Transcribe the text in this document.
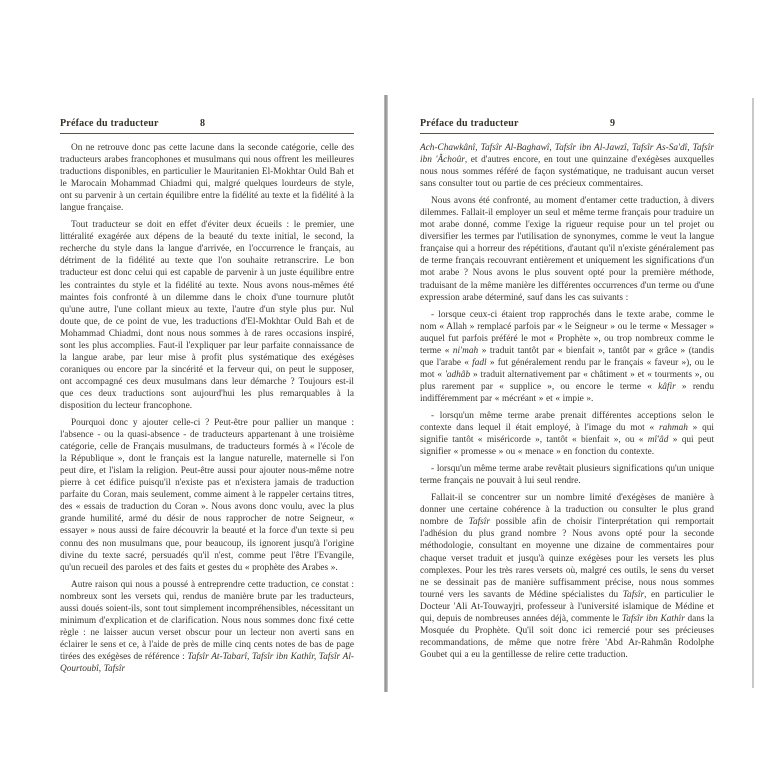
Préface du traducteur	8

On ne retrouve donc pas cette lacune dans la seconde catégorie, celle des traducteurs arabes francophones et musulmans qui nous offrent les meilleures traductions disponibles, en particulier le Mauritanien El-Mokhtar Ould Bah et le Marocain Mohammad Chiadmi qui, malgré quelques lourdeurs de style, ont su parvenir à un certain équilibre entre la fidélité au texte et la fidélité à la langue française.

Tout traducteur se doit en effet d'éviter deux écueils : le premier, une littéralité exagérée aux dépens de la beauté du texte initial, le second, la recherche du style dans la langue d'arrivée, en l'occurrence le français, au détriment de la fidélité au texte que l'on souhaite retranscrire. Le bon traducteur est donc celui qui est capable de parvenir à un juste équilibre entre les contraintes du style et la fidélité au texte. Nous avons nous-mêmes été maintes fois confronté à un dilemme dans le choix d'une tournure plutôt qu'une autre, l'une collant mieux au texte, l'autre d'un style plus pur. Nul doute que, de ce point de vue, les traductions d'El-Mokhtar Ould Bah et de Mohammad Chiadmi, dont nous nous sommes à de rares occasions inspiré, sont les plus accomplies. Faut-il l'expliquer par leur parfaite connaissance de la langue arabe, par leur mise à profit plus systématique des exégèses coraniques ou encore par la sincérité et la ferveur qui, on peut le supposer, ont accompagné ces deux musulmans dans leur démarche ? Toujours est-il que ces deux traductions sont aujourd'hui les plus remarquables à la disposition du lecteur francophone.

Pourquoi donc y ajouter celle-ci ? Peut-être pour pallier un manque : l'absence - ou la quasi-absence - de traducteurs appartenant à une troisième catégorie, celle de Français musulmans, de traducteurs formés à « l'école de la République », dont le français est la langue naturelle, maternelle si l'on peut dire, et l'islam la religion. Peut-être aussi pour ajouter nous-même notre pierre à cet édifice puisqu'il n'existe pas et n'existera jamais de traduction parfaite du Coran, mais seulement, comme aiment à le rappeler certains titres, des « essais de traduction du Coran ». Nous avons donc voulu, avec la plus grande humilité, armé du désir de nous rapprocher de notre Seigneur, « essayer » nous aussi de faire découvrir la beauté et la force d'un texte si peu connu des non musulmans que, pour beaucoup, ils ignorent jusqu'à l'origine divine du texte sacré, persuadés qu'il n'est, comme peut l'être l'Evangile, qu'un recueil des paroles et des faits et gestes du « prophète des Arabes ».

Autre raison qui nous a poussé à entreprendre cette traduction, ce constat : nombreux sont les versets qui, rendus de manière brute par les traducteurs, aussi doués soient-ils, sont tout simplement incompréhensibles, nécessitant un minimum d'explication et de clarification. Nous nous sommes donc fixé cette règle : ne laisser aucun verset obscur pour un lecteur non averti sans en éclairer le sens et ce, à l'aide de près de mille cinq cents notes de bas de page tirées des exégèses de référence : Tafsîr At-Tabarî, Tafsîr ibn Kathîr, Tafsîr Al-Qourtoubî, Tafsîr

Préface du traducteur	9

Ach-Chawkânî, Tafsîr Al-Baghawî, Tafsîr ibn Al-Jawzî, Tafsîr As-Sa'dî, Tafsîr ibn 'Âchoûr, et d'autres encore, en tout une quinzaine d'exégèses auxquelles nous nous sommes référé de façon systématique, ne traduisant aucun verset sans consulter tout ou partie de ces précieux commentaires.

Nous avons été confronté, au moment d'entamer cette traduction, à divers dilemmes. Fallait-il employer un seul et même terme français pour traduire un mot arabe donné, comme l'exige la rigueur requise pour un tel projet ou diversifier les termes par l'utilisation de synonymes, comme le veut la langue française qui a horreur des répétitions, d'autant qu'il n'existe généralement pas de terme français recouvrant entièrement et uniquement les significations d'un mot arabe ? Nous avons le plus souvent opté pour la première méthode, traduisant de la même manière les différentes occurrences d'un terme ou d'une expression arabe déterminé, sauf dans les cas suivants :

- lorsque ceux-ci étaient trop rapprochés dans le texte arabe, comme le nom « Allah » remplacé parfois par « le Seigneur » ou le terme « Messager » auquel fut parfois préféré le mot « Prophète », ou trop nombreux comme le terme « ni'mah » traduit tantôt par « bienfait », tantôt par « grâce » (tandis que l'arabe « fadl » fut généralement rendu par le français « faveur »), ou le mot « 'adhâb » traduit alternativement par « châtiment » et « tourments », ou plus rarement par « supplice », ou encore le terme « kâfir » rendu indifféremment par « mécréant » et « impie ».

- lorsqu'un même terme arabe prenait différentes acceptions selon le contexte dans lequel il était employé, à l'image du mot « rahmah » qui signifie tantôt « miséricorde », tantôt « bienfait », ou « mî'âd » qui peut signifier « promesse » ou « menace » en fonction du contexte.

- lorsqu'un même terme arabe revêtait plusieurs significations qu'un unique terme français ne pouvait à lui seul rendre.

Fallait-il se concentrer sur un nombre limité d'exégèses de manière à donner une certaine cohérence à la traduction ou consulter le plus grand nombre de Tafsîr possible afin de choisir l'interprétation qui remportait l'adhésion du plus grand nombre ? Nous avons opté pour la seconde méthodologie, consultant en moyenne une dizaine de commentaires pour chaque verset traduit et jusqu'à quinze exégèses pour les versets les plus complexes. Pour les très rares versets où, malgré ces outils, le sens du verset ne se dessinait pas de manière suffisamment précise, nous nous sommes tourné vers les savants de Médine spécialistes du Tafsîr, en particulier le Docteur 'Ali At-Touwayjri, professeur à l'université islamique de Médine et qui, depuis de nombreuses années déjà, commente le Tafsîr ibn Kathîr dans la Mosquée du Prophète. Qu'il soit donc ici remercié pour ses précieuses recommandations, de même que notre frère 'Abd Ar-Rahmân Rodolphe Goubet qui a eu la gentillesse de relire cette traduction.
